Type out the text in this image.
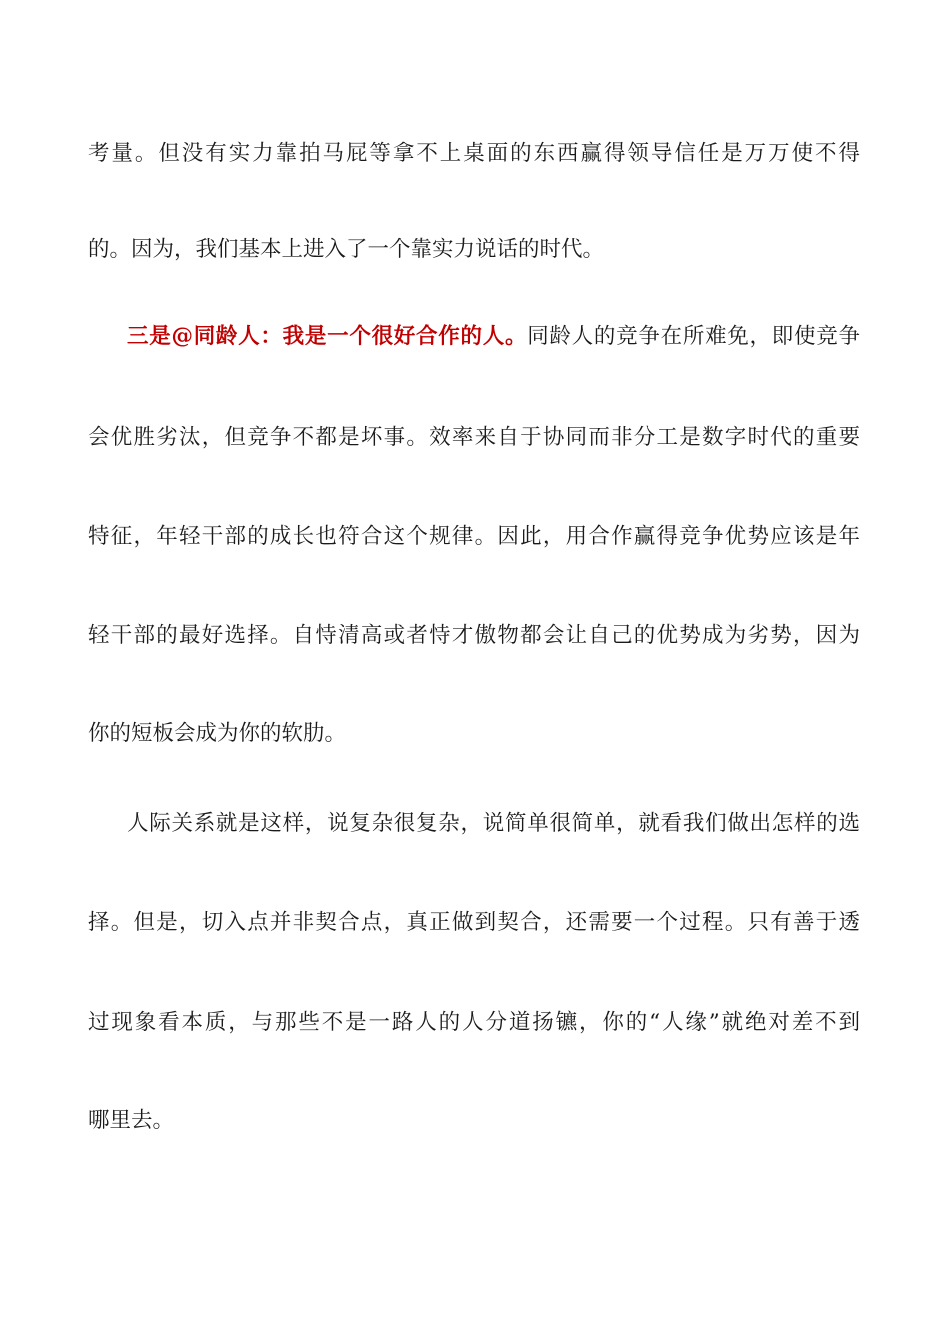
考量。但没有实力靠拍马屁等拿不上桌面的东西赢得领导信任是万万使不得
的。因为，我们基本上进入了一个靠实力说话的时代。
三是@同龄人：我是一个很好合作的人。同龄人的竞争在所难免，即使竞争
会优胜劣汰，但竞争不都是坏事。效率来自于协同而非分工是数字时代的重要
特征，年轻干部的成长也符合这个规律。因此，用合作赢得竞争优势应该是年
轻干部的最好选择。自恃清高或者恃才傲物都会让自己的优势成为劣势，因为
你的短板会成为你的软肋。
人际关系就是这样，说复杂很复杂，说简单很简单，就看我们做出怎样的选
择。但是，切入点并非契合点，真正做到契合，还需要一个过程。只有善于透
过现象看本质，与那些不是一路人的人分道扬镳，你的“人缘”就绝对差不到
哪里去。
